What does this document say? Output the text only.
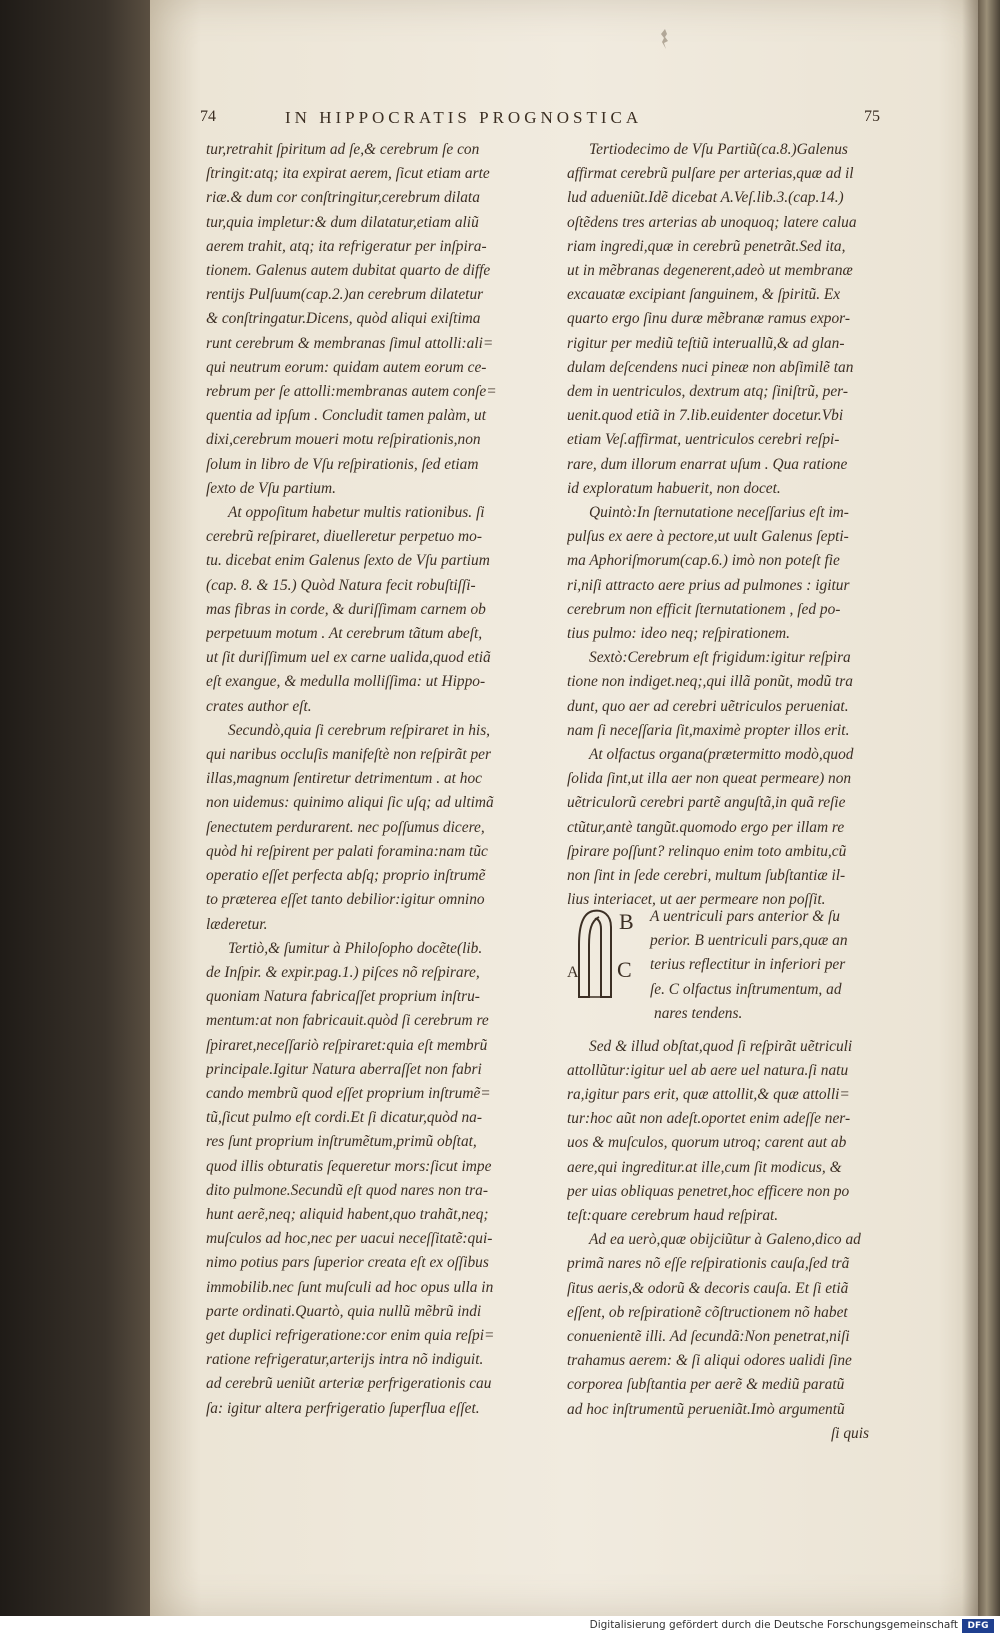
74	IN HIPPOCRATIS PROGNOSTICA	75
tur,retrahit ſpiritum ad ſe,& cerebrum ſe con
ſtringit:atq; ita expirat aerem, ſicut etiam arte
riæ.& dum cor conſtringitur,cerebrum dilata
tur,quia impletur:& dum dilatatur,etiam aliũ
aerem trahit, atq; ita refrigeratur per inſpira-
tionem. Galenus autem dubitat quarto de diffe
rentijs Pulſuum(cap.2.)an cerebrum dilatetur
& conſtringatur.Dicens, quòd aliqui exiſtima
runt cerebrum & membranas ſimul attolli:ali=
qui neutrum eorum: quidam autem eorum ce-
rebrum per ſe attolli:membranas autem conſe=
quentia ad ipſum . Concludit tamen palàm, ut
dixi,cerebrum moueri motu reſpirationis,non
ſolum in libro de Vſu reſpirationis, ſed etiam
ſexto de Vſu partium.
At oppoſitum habetur multis rationibus. ſi
cerebrũ reſpiraret, diuelleretur perpetuo mo-
tu. dicebat enim Galenus ſexto de Vſu partium
(cap. 8. & 15.) Quòd Natura fecit robuſtiſſi-
mas fibras in corde, & duriſſimam carnem ob
perpetuum motum . At cerebrum tãtum abeſt,
ut ſit duriſſimum uel ex carne ualida,quod etiã
eſt exangue, & medulla molliſſima: ut Hippo-
crates author eſt.
Secundò,quia ſi cerebrum reſpiraret in his,
qui naribus occluſis manifeſtè non reſpirãt per
illas,magnum ſentiretur detrimentum . at hoc
non uidemus: quinimo aliqui ſic uſq; ad ultimã
ſenectutem perdurarent. nec poſſumus dicere,
quòd hi reſpirent per palati foramina:nam tũc
operatio eſſet perfecta abſq; proprio inſtrumẽ
to præterea eſſet tanto debilior:igitur omnino
læderetur.
Tertiò,& ſumitur à Philoſopho docẽte(lib.
de Inſpir. & expir.pag.1.) piſces nõ reſpirare,
quoniam Natura fabricaſſet proprium inſtru-
mentum:at non fabricauit.quòd ſi cerebrum re
ſpiraret,neceſſariò reſpiraret:quia eſt membrũ
principale.Igitur Natura aberraſſet non fabri
cando membrũ quod eſſet proprium inſtrumẽ=
tũ,ſicut pulmo eſt cordi.Et ſi dicatur,quòd na-
res ſunt proprium inſtrumẽtum,primũ obſtat,
quod illis obturatis ſequeretur mors:ſicut impe
dito pulmone.Secundũ eſt quod nares non tra-
hunt aerẽ,neq; aliquid habent,quo trahãt,neq;
muſculos ad hoc,nec per uacui neceſſitatẽ:qui-
nimo potius pars ſuperior creata eſt ex oſſibus
immobilib.nec ſunt muſculi ad hoc opus ulla in
parte ordinati.Quartò, quia nullũ mẽbrũ indi
get duplici refrigeratione:cor enim quia reſpi=
ratione refrigeratur,arterijs intra nõ indiguit.
ad cerebrũ ueniũt arteriæ perfrigerationis cau
ſa: igitur altera perfrigeratio ſuperflua eſſet.
Tertiodecimo de Vſu Partiũ(ca.8.)Galenus
affirmat cerebrũ pulſare per arterias,quæ ad il
lud adueniũt.Idẽ dicebat A.Veſ.lib.3.(cap.14.)
oſtẽdens tres arterias ab unoquoq; latere calua
riam ingredi,quæ in cerebrũ penetrãt.Sed ita,
ut in mẽbranas degenerent,adeò ut membranæ
excauatæ excipiant ſanguinem, & ſpiritũ. Ex
quarto ergo ſinu duræ mẽbranæ ramus expor-
rigitur per mediũ teſtiũ interuallũ,& ad glan-
dulam deſcendens nuci pineæ non abſimilẽ tan
dem in uentriculos, dextrum atq; ſiniſtrũ, per-
uenit.quod etiã in 7.lib.euidenter docetur.Vbi
etiam Veſ.affirmat, uentriculos cerebri reſpi-
rare, dum illorum enarrat uſum . Qua ratione
id exploratum habuerit, non docet.
Quintò:In ſternutatione neceſſarius eſt im-
pulſus ex aere à pectore,ut uult Galenus ſepti-
ma Aphoriſmorum(cap.6.) imò non poteſt fie
ri,niſi attracto aere prius ad pulmones : igitur
cerebrum non efficit ſternutationem , ſed po-
tius pulmo: ideo neq; reſpirationem.
Sextò:Cerebrum eſt frigidum:igitur reſpira
tione non indiget.neq;,qui illã ponũt, modũ tra
dunt, quo aer ad cerebri uẽtriculos perueniat.
nam ſi neceſſaria ſit,maximè propter illos erit.
At olfactus organa(prætermitto modò,quod
ſolida ſint,ut illa aer non queat permeare) non
uẽtriculorũ cerebri partẽ anguſtã,in quã reſie
ctũtur,antè tangũt.quomodo ergo per illam re
ſpirare poſſunt? relinquo enim toto ambitu,cũ
non ſint in ſede cerebri, multum ſubſtantiæ il-
lius interiacet, ut aer permeare non poſſit.
Sed & illud obſtat,quod ſi reſpirãt uẽtriculi
attollũtur:igitur uel ab aere uel natura.ſi natu
ra,igitur pars erit, quæ attollit,& quæ attolli=
tur:hoc aũt non adeſt.oportet enim adeſſe ner-
uos & muſculos, quorum utroq; carent aut ab
aere,qui ingreditur.at ille,cum ſit modicus, &
per uias obliquas penetret,hoc efficere non po
teſt:quare cerebrum haud reſpirat.
Ad ea uerò,quæ obijciũtur à Galeno,dico ad
primã nares nõ eſſe reſpirationis cauſa,ſed trã
ſitus aeris,& odorũ & decoris cauſa. Et ſi etiã
eſſent, ob reſpirationẽ cõſtructionem nõ habet
conuenientẽ illi. Ad ſecundã:Non penetrat,niſi
trahamus aerem: & ſi aliqui odores ualidi ſine
corporea ſubſtantia per aerẽ & mediũ paratũ
ad hoc inſtrumentũ perueniãt.Imò argumentũ
ſi quis
B
A C
A uentriculi pars anterior & ſu
perior. B uentriculi pars,quæ an
terius reflectitur in inferiori per
ſe. C olfactus inſtrumentum, ad
nares tendens.
Digitalisierung gefördert durch die Deutsche Forschungsgemeinschaft	DFG
